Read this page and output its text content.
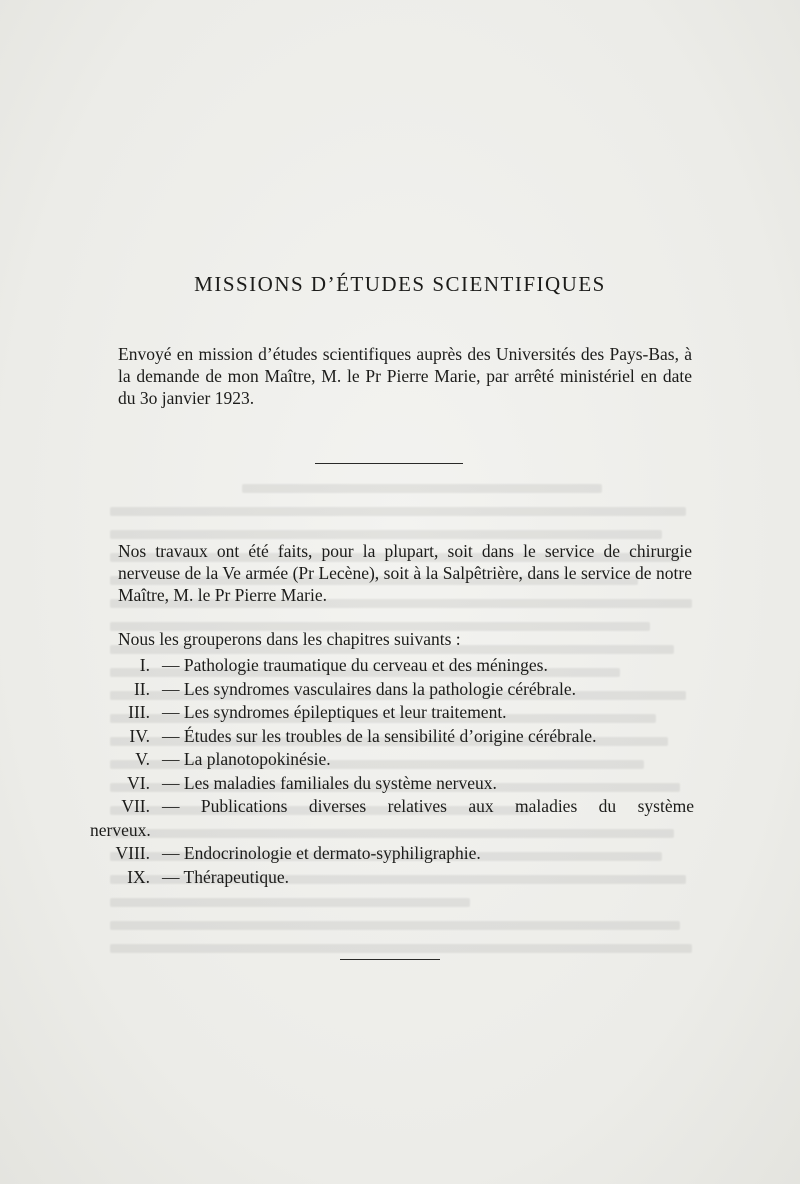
MISSIONS D’ÉTUDES SCIENTIFIQUES

Envoyé en mission d’études scientifiques auprès des Universités des Pays-Bas, à la demande de mon Maître, M. le Pr Pierre Marie, par arrêté ministériel en date du 3o janvier 1923.

Nos travaux ont été faits, pour la plupart, soit dans le service de chirurgie nerveuse de la Ve armée (Pr Lecène), soit à la Salpêtrière, dans le service de notre Maître, M. le Pr Pierre Marie.

Nous les grouperons dans les chapitres suivants :

I. — Pathologie traumatique du cerveau et des méninges.
II. — Les syndromes vasculaires dans la pathologie cérébrale.
III. — Les syndromes épileptiques et leur traitement.
IV. — Études sur les troubles de la sensibilité d’origine cérébrale.
V. — La planotopokinésie.
VI. — Les maladies familiales du système nerveux.
VII. — Publications diverses relatives aux maladies du système
nerveux.
VIII. — Endocrinologie et dermato-syphiligraphie.
IX. — Thérapeutique.
